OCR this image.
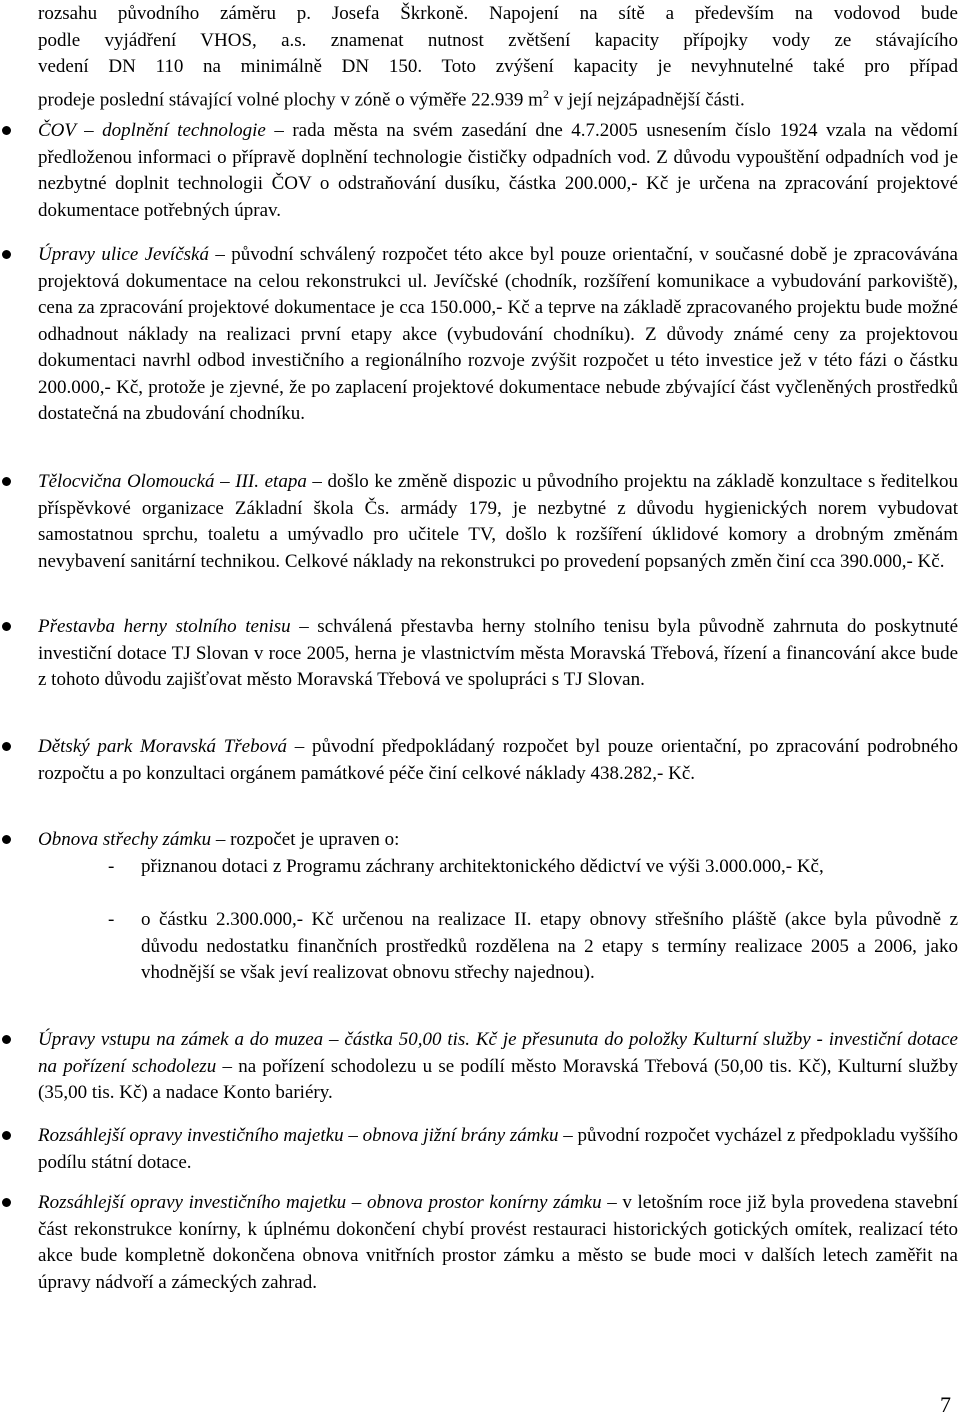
rozsahu původního záměru p. Josefa Škrkoně. Napojení na sítě a především na vodovod bude
podle vyjádření VHOS, a.s. znamenat nutnost zvětšení kapacity přípojky vody ze stávajícího
vedení DN 110 na minimálně DN 150. Toto zvýšení kapacity je nevyhnutelné také pro případ
prodeje poslední stávající volné plochy v zóně o výměře 22.939 $m^2$ v její nejzápadnější části.
ČOV – doplnění technologie – rada města na svém zasedání dne 4.7.2005 usnesením číslo 1924 vzala na vědomí předloženou informaci o přípravě doplnění technologie čističky odpadních vod. Z důvodu vypouštění odpadních vod je nezbytné doplnit technologii ČOV o odstraňování dusíku, částka 200.000,- Kč je určena na zpracování projektové dokumentace potřebných úprav.
Úpravy ulice Jevíčská – původní schválený rozpočet této akce byl pouze orientační, v současné době je zpracovávána projektová dokumentace na celou rekonstrukci ul. Jevíčské (chodník, rozšíření komunikace a vybudování parkoviště), cena za zpracování projektové dokumentace je cca 150.000,- Kč a teprve na základě zpracovaného projektu bude možné odhadnout náklady na realizaci první etapy akce (vybudování chodníku). Z důvody známé ceny za projektovou dokumentaci navrhl odbod investičního a regionálního rozvoje zvýšit rozpočet u této investice jež v této fázi o částku 200.000,- Kč, protože je zjevné, že po zaplacení projektové dokumentace nebude zbývající část vyčleněných prostředků dostatečná na zbudování chodníku.
Tělocvična Olomoucká – III. etapa – došlo ke změně dispozic u původního projektu na základě konzultace s ředitelkou příspěvkové organizace Základní škola Čs. armády 179, je nezbytné z důvodu hygienických norem vybudovat samostatnou sprchu, toaletu a umývadlo pro učitele TV, došlo k rozšíření úklidové komory a drobným změnám nevybavení sanitární technikou. Celkové náklady na rekonstrukci po provedení popsaných změn činí cca 390.000,- Kč.
Přestavba herny stolního tenisu – schválená přestavba herny stolního tenisu byla původně zahrnuta do poskytnuté investiční dotace TJ Slovan v roce 2005, herna je vlastnictvím města Moravská Třebová, řízení a financování akce bude z tohoto důvodu zajišťovat město Moravská Třebová ve spolupráci s TJ Slovan.
Dětský park Moravská Třebová – původní předpokládaný rozpočet byl pouze orientační, po zpracování podrobného rozpočtu a po konzultaci orgánem památkové péče činí celkové náklady 438.282,- Kč.
Obnova střechy zámku – rozpočet je upraven o:
-	přiznanou dotaci z Programu záchrany architektonického dědictví ve výši 3.000.000,- Kč,
-	o částku 2.300.000,- Kč určenou na realizace II. etapy obnovy střešního pláště (akce byla původně z důvodu nedostatku finančních prostředků rozdělena na 2 etapy s termíny realizace 2005 a 2006, jako vhodnější se však jeví realizovat obnovu střechy najednou).
Úpravy vstupu na zámek a do muzea – částka 50,00 tis. Kč je přesunuta do položky Kulturní služby - investiční dotace na pořízení schodolezu – na pořízení schodolezu u se podílí město Moravská Třebová (50,00 tis. Kč), Kulturní služby (35,00 tis. Kč) a nadace Konto bariéry.
Rozsáhlejší opravy investičního majetku – obnova jižní brány zámku – původní rozpočet vycházel z předpokladu vyššího podílu státní dotace.
Rozsáhlejší opravy investičního majetku – obnova prostor konírny zámku – v letošním roce již byla provedena stavební část rekonstrukce konírny, k úplnému dokončení chybí provést restauraci historických gotických omítek, realizací této akce bude kompletně dokončena obnova vnitřních prostor zámku a město se bude moci v dalších letech zaměřit na úpravy nádvoří a zámeckých zahrad.
7
